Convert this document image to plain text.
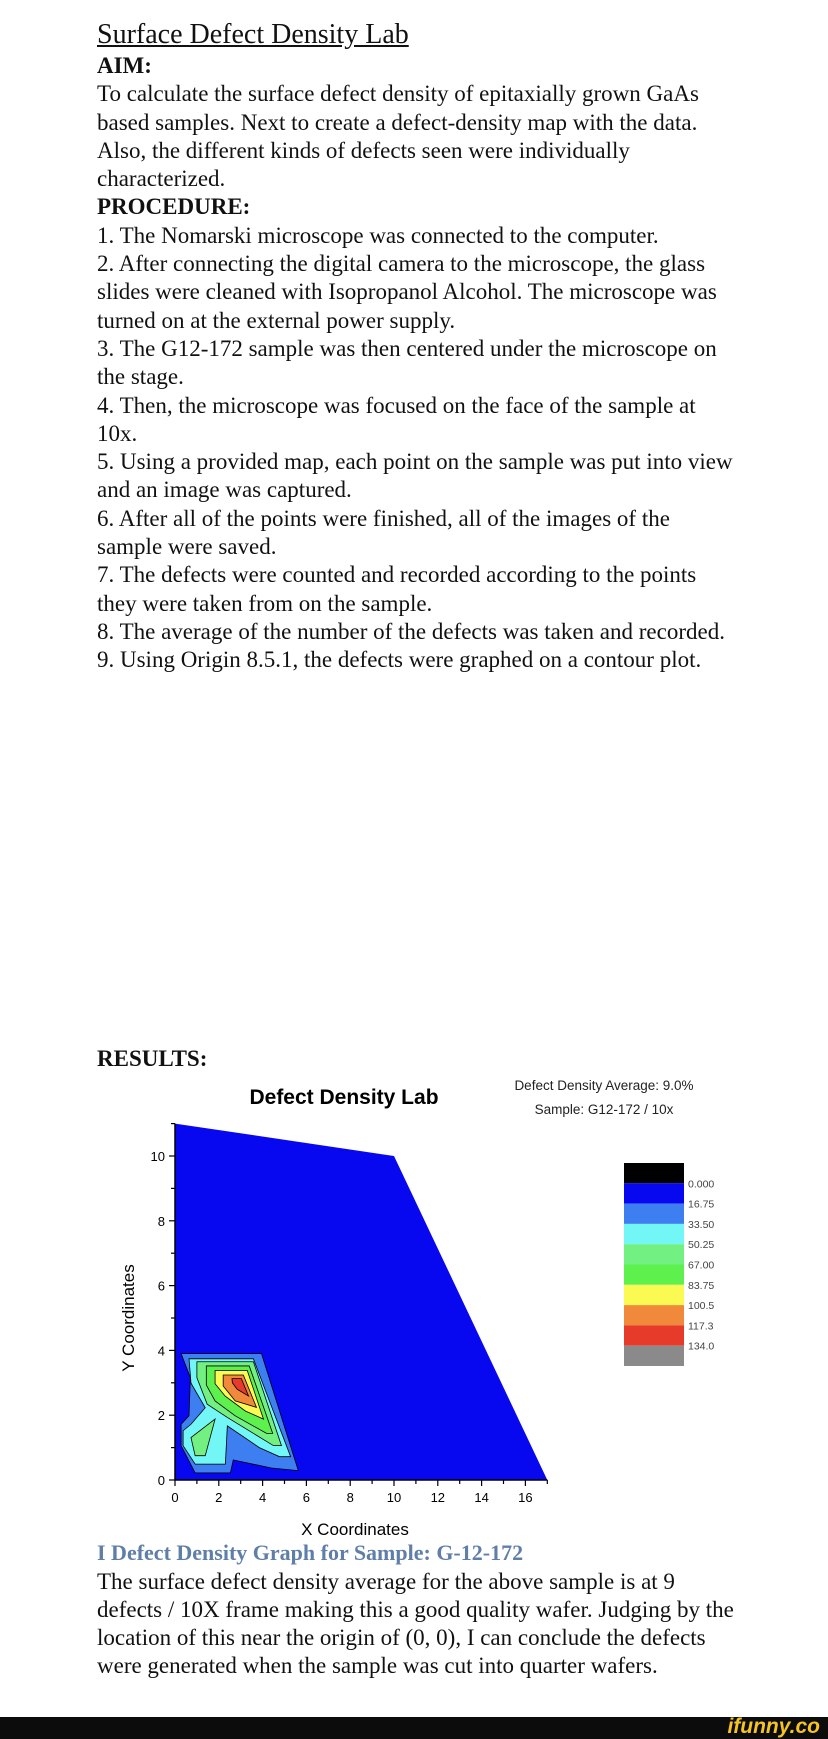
Surface Defect Density Lab
AIM:
To calculate the surface defect density of epitaxially grown GaAs based samples. Next to create a defect-density map with the data. Also, the different kinds of defects seen were individually characterized.
PROCEDURE:
1. The Nomarski microscope was connected to the computer.
2. After connecting the digital camera to the microscope, the glass slides were cleaned with Isopropanol Alcohol. The microscope was turned on at the external power supply.
3. The G12-172 sample was then centered under the microscope on the stage.
4. Then, the microscope was focused on the face of the sample at 10x.
5. Using a provided map, each point on the sample was put into view and an image was captured.
6. After all of the points were finished, all of the images of the sample were saved.
7. The defects were counted and recorded according to the points they were taken from on the sample.
8. The average of the number of the defects was taken and recorded.
9. Using Origin 8.5.1, the defects were graphed on a contour plot.
RESULTS:
0	2	4	6	8	10 12 14 16
0
2
4
6
8
10
0.000
16.75
33.50
50.25
67.00
83.75
100.5
117.3
134.0
Defect Density Lab
Defect Density Average: 9.0%
Sample: G12-172 / 10x
X Coordinates
Y Coordinates
I Defect Density Graph for Sample: G-12-172
The surface defect density average for the above sample is at 9 defects / 10X frame making this a good quality wafer. Judging by the location of this near the origin of (0, 0), I can conclude the defects were generated when the sample was cut into quarter wafers.
ifunny.co
